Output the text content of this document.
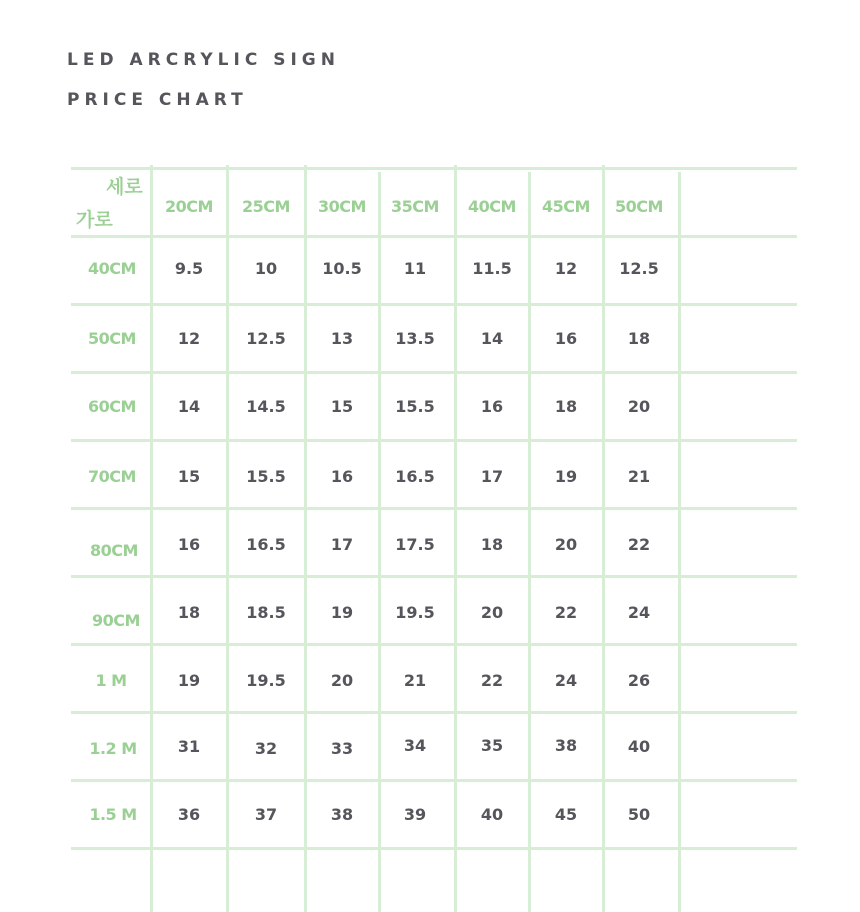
LED ARCRYLIC SIGN
PRICE CHART
세로
가로
20CM	25CM	30CM	35CM	40CM	45CM	50CM
40CM	9.5	10	10.5	11	11.5	12	12.5
50CM	12	12.5	13	13.5	14	16	18
60CM	14	14.5	15	15.5	16	18	20
70CM	15	15.5	16	16.5	17	19	21
80CM	16	16.5	17	17.5	18	20	22
90CM	18	18.5	19	19.5	20	22	24
1 M	19	19.5	20	21	22	24	26
1.2 M	31	32	33	34	35	38	40
1.5 M	36	37	38	39	40	45	50
